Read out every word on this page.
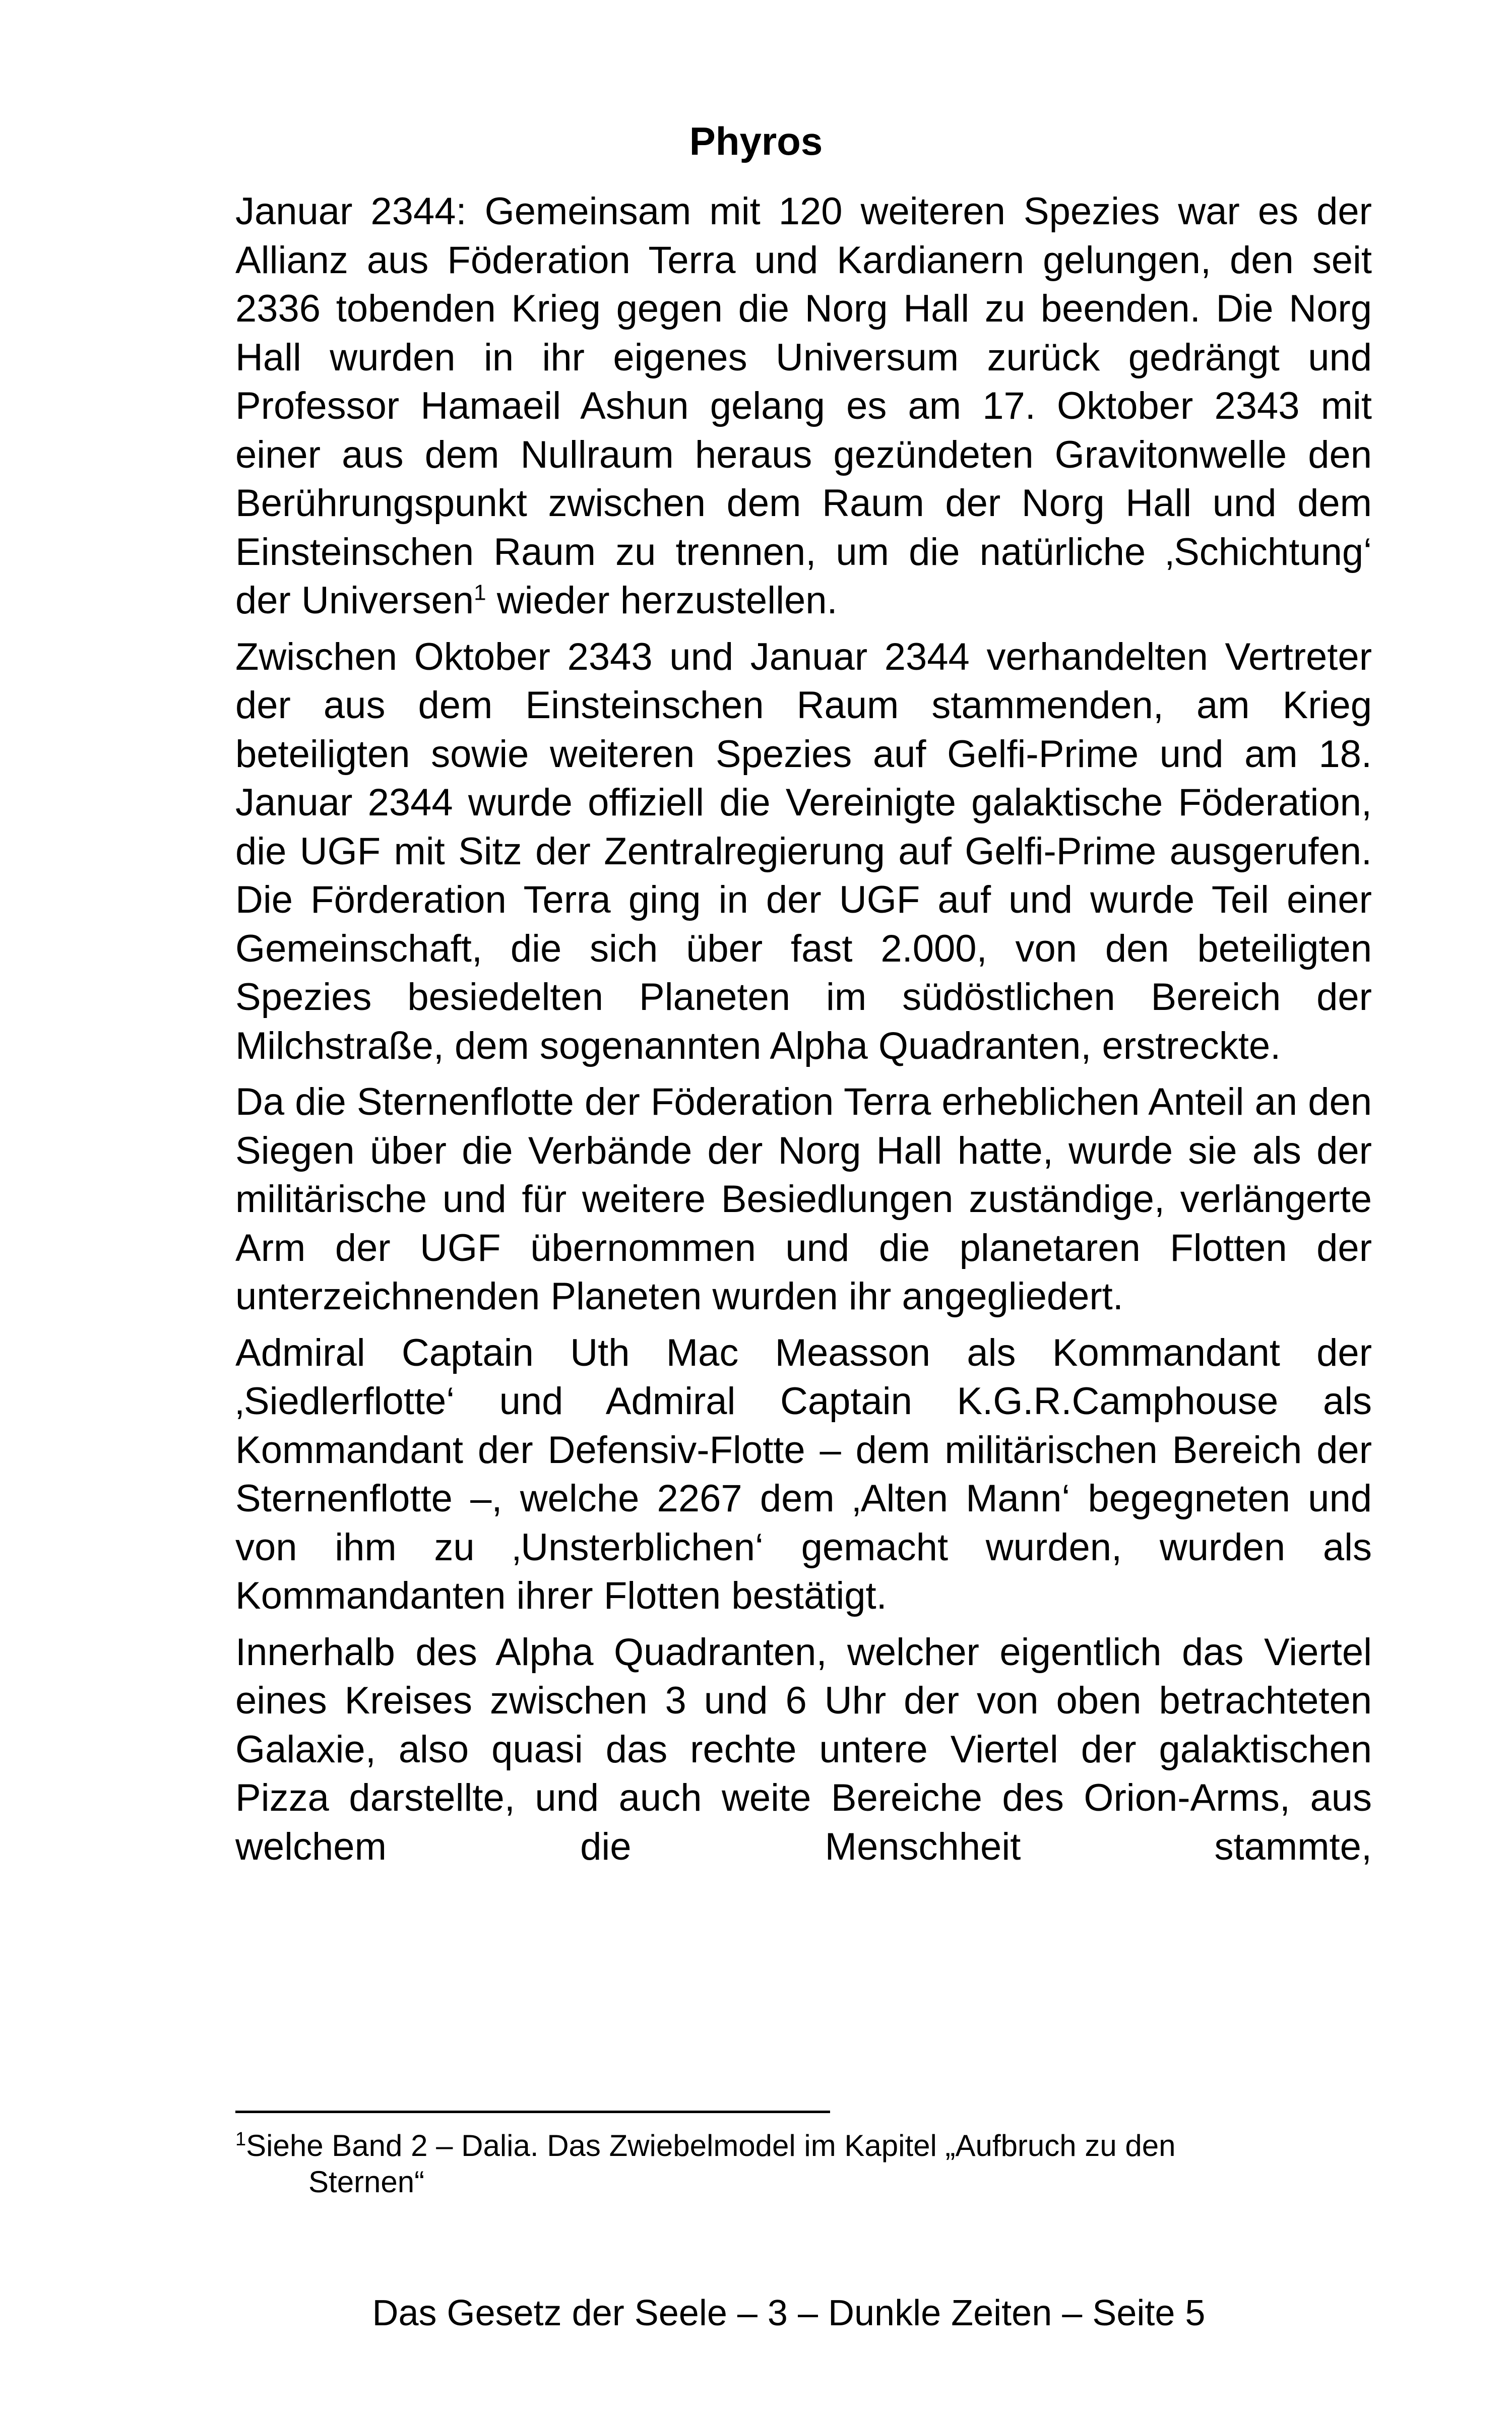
Phyros

Januar 2344: Gemeinsam mit 120 weiteren Spezies war es der Allianz aus Föderation Terra und Kardianern gelungen, den seit 2336 tobenden Krieg gegen die Norg Hall zu beenden. Die Norg Hall wurden in ihr eigenes Universum zurück gedrängt und Professor Hamaeil Ashun gelang es am 17. Oktober 2343 mit einer aus dem Nullraum heraus gezündeten Gravitonwelle den Berührungspunkt zwischen dem Raum der Norg Hall und dem Einsteinschen Raum zu trennen, um die natürliche ‚Schichtung‘ der Universen$^1$ wieder herzustellen.

Zwischen Oktober 2343 und Januar 2344 verhandelten Vertreter der aus dem Einsteinschen Raum stammenden, am Krieg beteiligten sowie weiteren Spezies auf Gelfi-Prime und am 18. Januar 2344 wurde offiziell die Vereinigte galaktische Föderation, die UGF mit Sitz der Zentralregierung auf Gelfi-Prime ausgerufen. Die Förderation Terra ging in der UGF auf und wurde Teil einer Gemeinschaft, die sich über fast 2.000, von den beteiligten Spezies besiedelten Planeten im südöstlichen Bereich der Milchstraße, dem sogenannten Alpha Quadranten, erstreckte.

Da die Sternenflotte der Föderation Terra erheblichen Anteil an den Siegen über die Verbände der Norg Hall hatte, wurde sie als der militärische und für weitere Besiedlungen zuständige, verlängerte Arm der UGF übernommen und die planetaren Flotten der unterzeichnenden Planeten wurden ihr angegliedert.

Admiral Captain Uth Mac Measson als Kommandant der ‚Siedlerflotte‘ und Admiral Captain K.G.R.Camphouse als Kommandant der Defensiv-Flotte – dem militärischen Bereich der Sternenflotte –, welche 2267 dem ‚Alten Mann‘ begegneten und von ihm zu ‚Unsterblichen‘ gemacht wurden, wurden als Kommandanten ihrer Flotten bestätigt.

Innerhalb des Alpha Quadranten, welcher eigentlich das Viertel eines Kreises zwischen 3 und 6 Uhr der von oben betrachteten Galaxie, also quasi das rechte untere Viertel der galaktischen Pizza darstellte, und auch weite Bereiche des Orion-Arms, aus welchem die Menschheit stammte,

$^1$Siehe Band 2 – Dalia. Das Zwiebelmodel im Kapitel „Aufbruch zu den
Sternen“
Das Gesetz der Seele – 3 – Dunkle Zeiten – Seite 5
